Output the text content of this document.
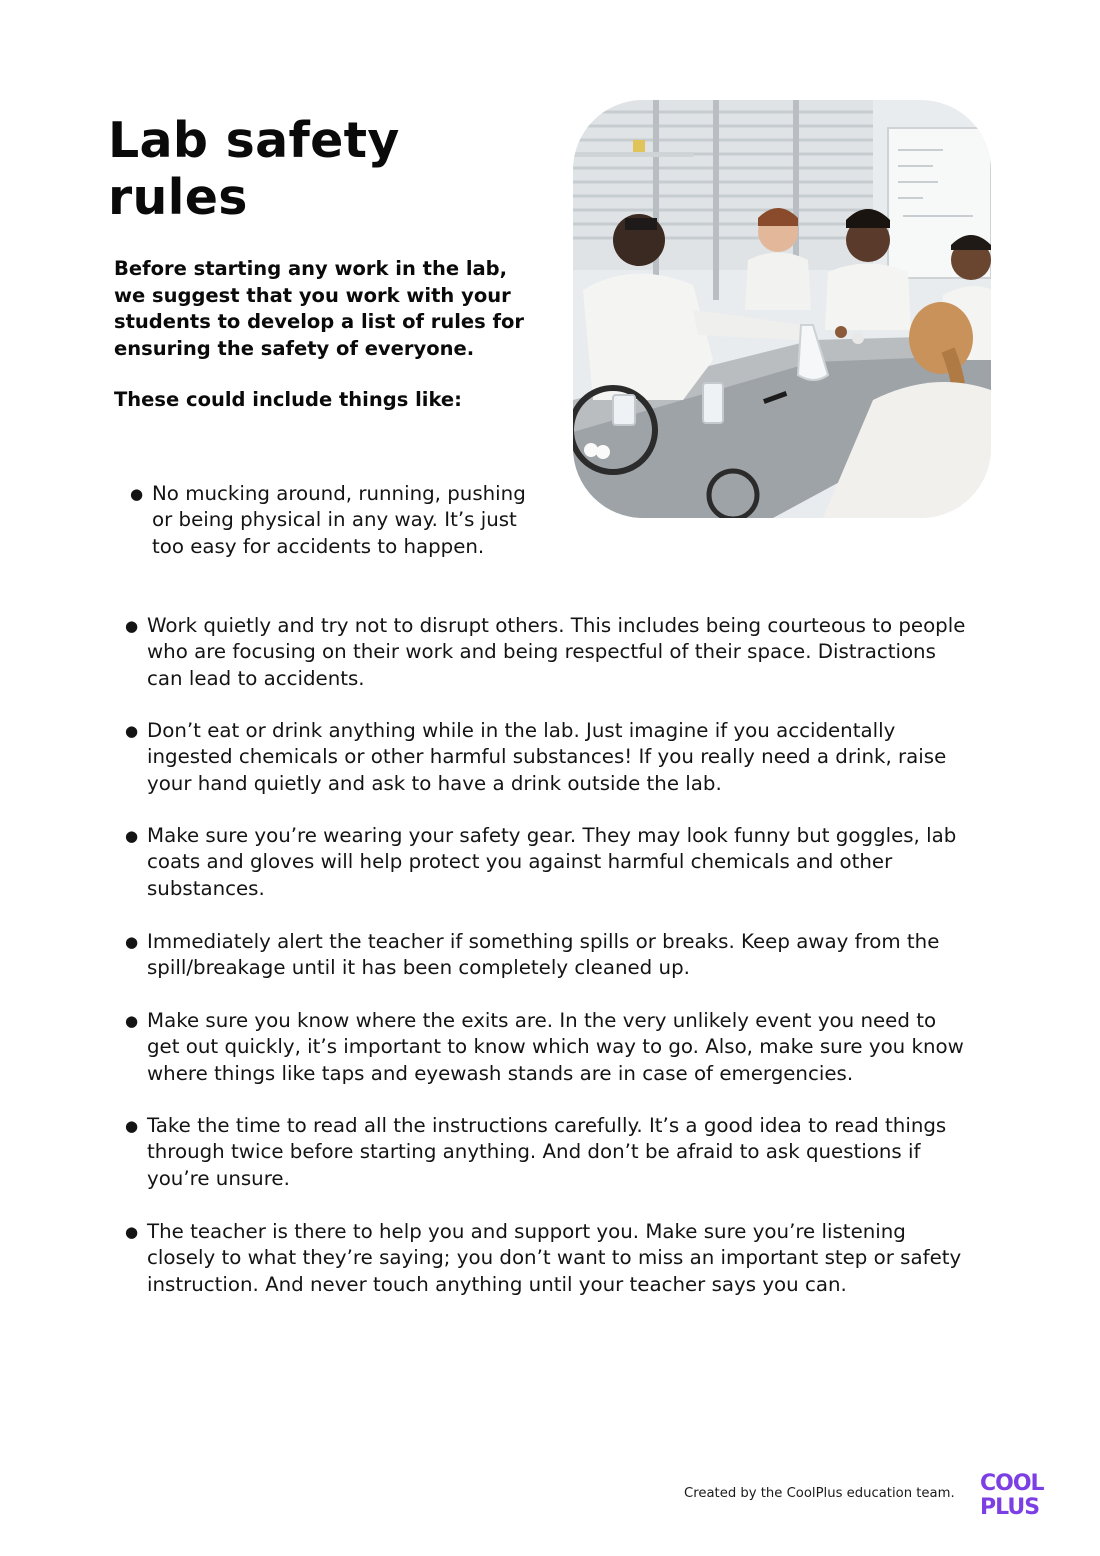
Lab safety rules

Before starting any work in the lab, we suggest that you work with your students to develop a list of rules for ensuring the safety of everyone.

These could include things like:

● No mucking around, running, pushing or being physical in any way. It’s just too easy for accidents to happen.
● Work quietly and try not to disrupt others. This includes being courteous to people who are focusing on their work and being respectful of their space. Distractions can lead to accidents.
● Don’t eat or drink anything while in the lab. Just imagine if you accidentally ingested chemicals or other harmful substances! If you really need a drink, raise your hand quietly and ask to have a drink outside the lab.
● Make sure you’re wearing your safety gear. They may look funny but goggles, lab coats and gloves will help protect you against harmful chemicals and other substances.
● Immediately alert the teacher if something spills or breaks. Keep away from the spill/breakage until it has been completely cleaned up.
● Make sure you know where the exits are. In the very unlikely event you need to get out quickly, it’s important to know which way to go. Also, make sure you know where things like taps and eyewash stands are in case of emergencies.
● Take the time to read all the instructions carefully. It’s a good idea to read things through twice before starting anything. And don’t be afraid to ask questions if you’re unsure.
● The teacher is there to help you and support you. Make sure you’re listening closely to what they’re saying; you don’t want to miss an important step or safety instruction. And never touch anything until your teacher says you can.
Created by the CoolPlus education team.	COOL
PLUS
